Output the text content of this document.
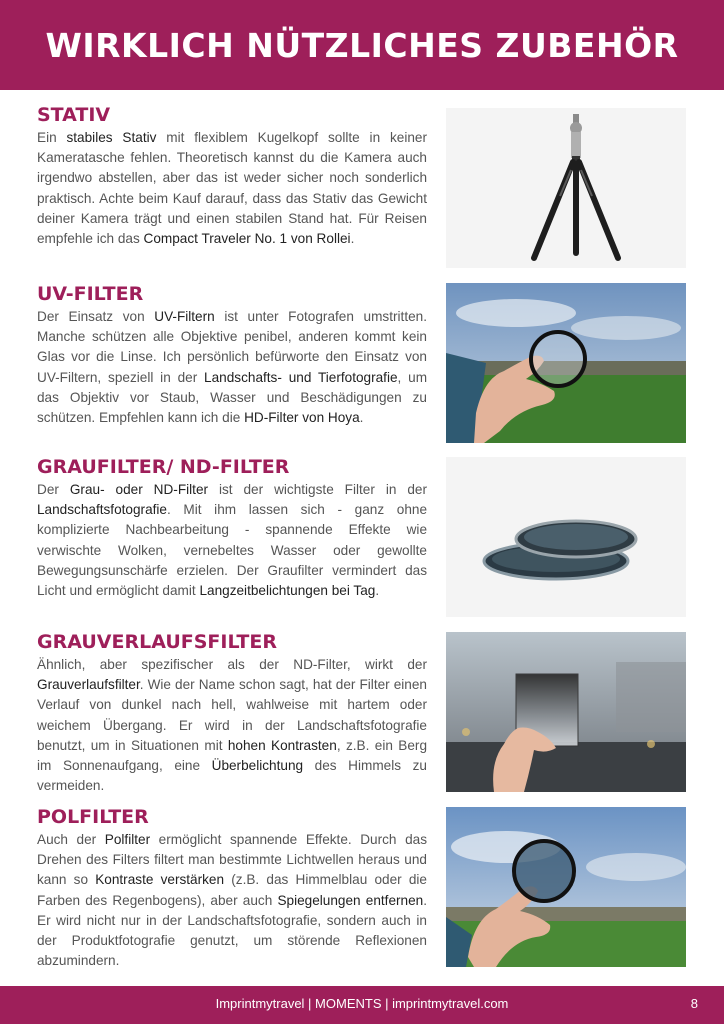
WIRKLICH NÜTZLICHES ZUBEHÖR
STATIV

Ein stabiles Stativ mit flexiblem Kugelkopf sollte in keiner Kameratasche fehlen. Theoretisch kannst du die Kamera auch irgendwo abstellen, aber das ist weder sicher noch sonderlich praktisch. Achte beim Kauf darauf, dass das Stativ das Gewicht deiner Kamera trägt und einen stabilen Stand hat. Für Reisen empfehle ich das Compact Traveler No. 1 von Rollei.

UV-FILTER

Der Einsatz von UV-Filtern ist unter Fotografen umstritten. Manche schützen alle Objektive penibel, anderen kommt kein Glas vor die Linse. Ich persönlich befürworte den Einsatz von UV-Filtern, speziell in der Landschafts- und Tierfotografie, um das Objektiv vor Staub, Wasser und Beschädigungen zu schützen. Empfehlen kann ich die HD-Filter von Hoya.

GRAUFILTER/ ND-FILTER

Der Grau- oder ND-Filter ist der wichtigste Filter in der Landschaftsfotografie. Mit ihm lassen sich - ganz ohne komplizierte Nachbearbeitung - spannende Effekte wie verwischte Wolken, vernebeltes Wasser oder gewollte Bewegungsunschärfe erzielen. Der Graufilter vermindert das Licht und ermöglicht damit Langzeitbelichtungen bei Tag.

GRAUVERLAUFSFILTER

Ähnlich, aber spezifischer als der ND-Filter, wirkt der Grauverlaufsfilter. Wie der Name schon sagt, hat der Filter einen Verlauf von dunkel nach hell, wahlweise mit hartem oder weichem Übergang. Er wird in der Landschaftsfotografie benutzt, um in Situationen mit hohen Kontrasten, z.B. ein Berg im Sonnenaufgang, eine Überbelichtung des Himmels zu vermeiden.

POLFILTER

Auch der Polfilter ermöglicht spannende Effekte. Durch das Drehen des Filters filtert man bestimmte Lichtwellen heraus und kann so Kontraste verstärken (z.B. das Himmelblau oder die Farben des Regenbogens), aber auch Spiegelungen entfernen. Er wird nicht nur in der Landschaftsfotografie, sondern auch in der Produktfotografie genutzt, um störende Reflexionen abzumindern.

Imprintmytravel | MOMENTS | imprintmytravel.com	8
